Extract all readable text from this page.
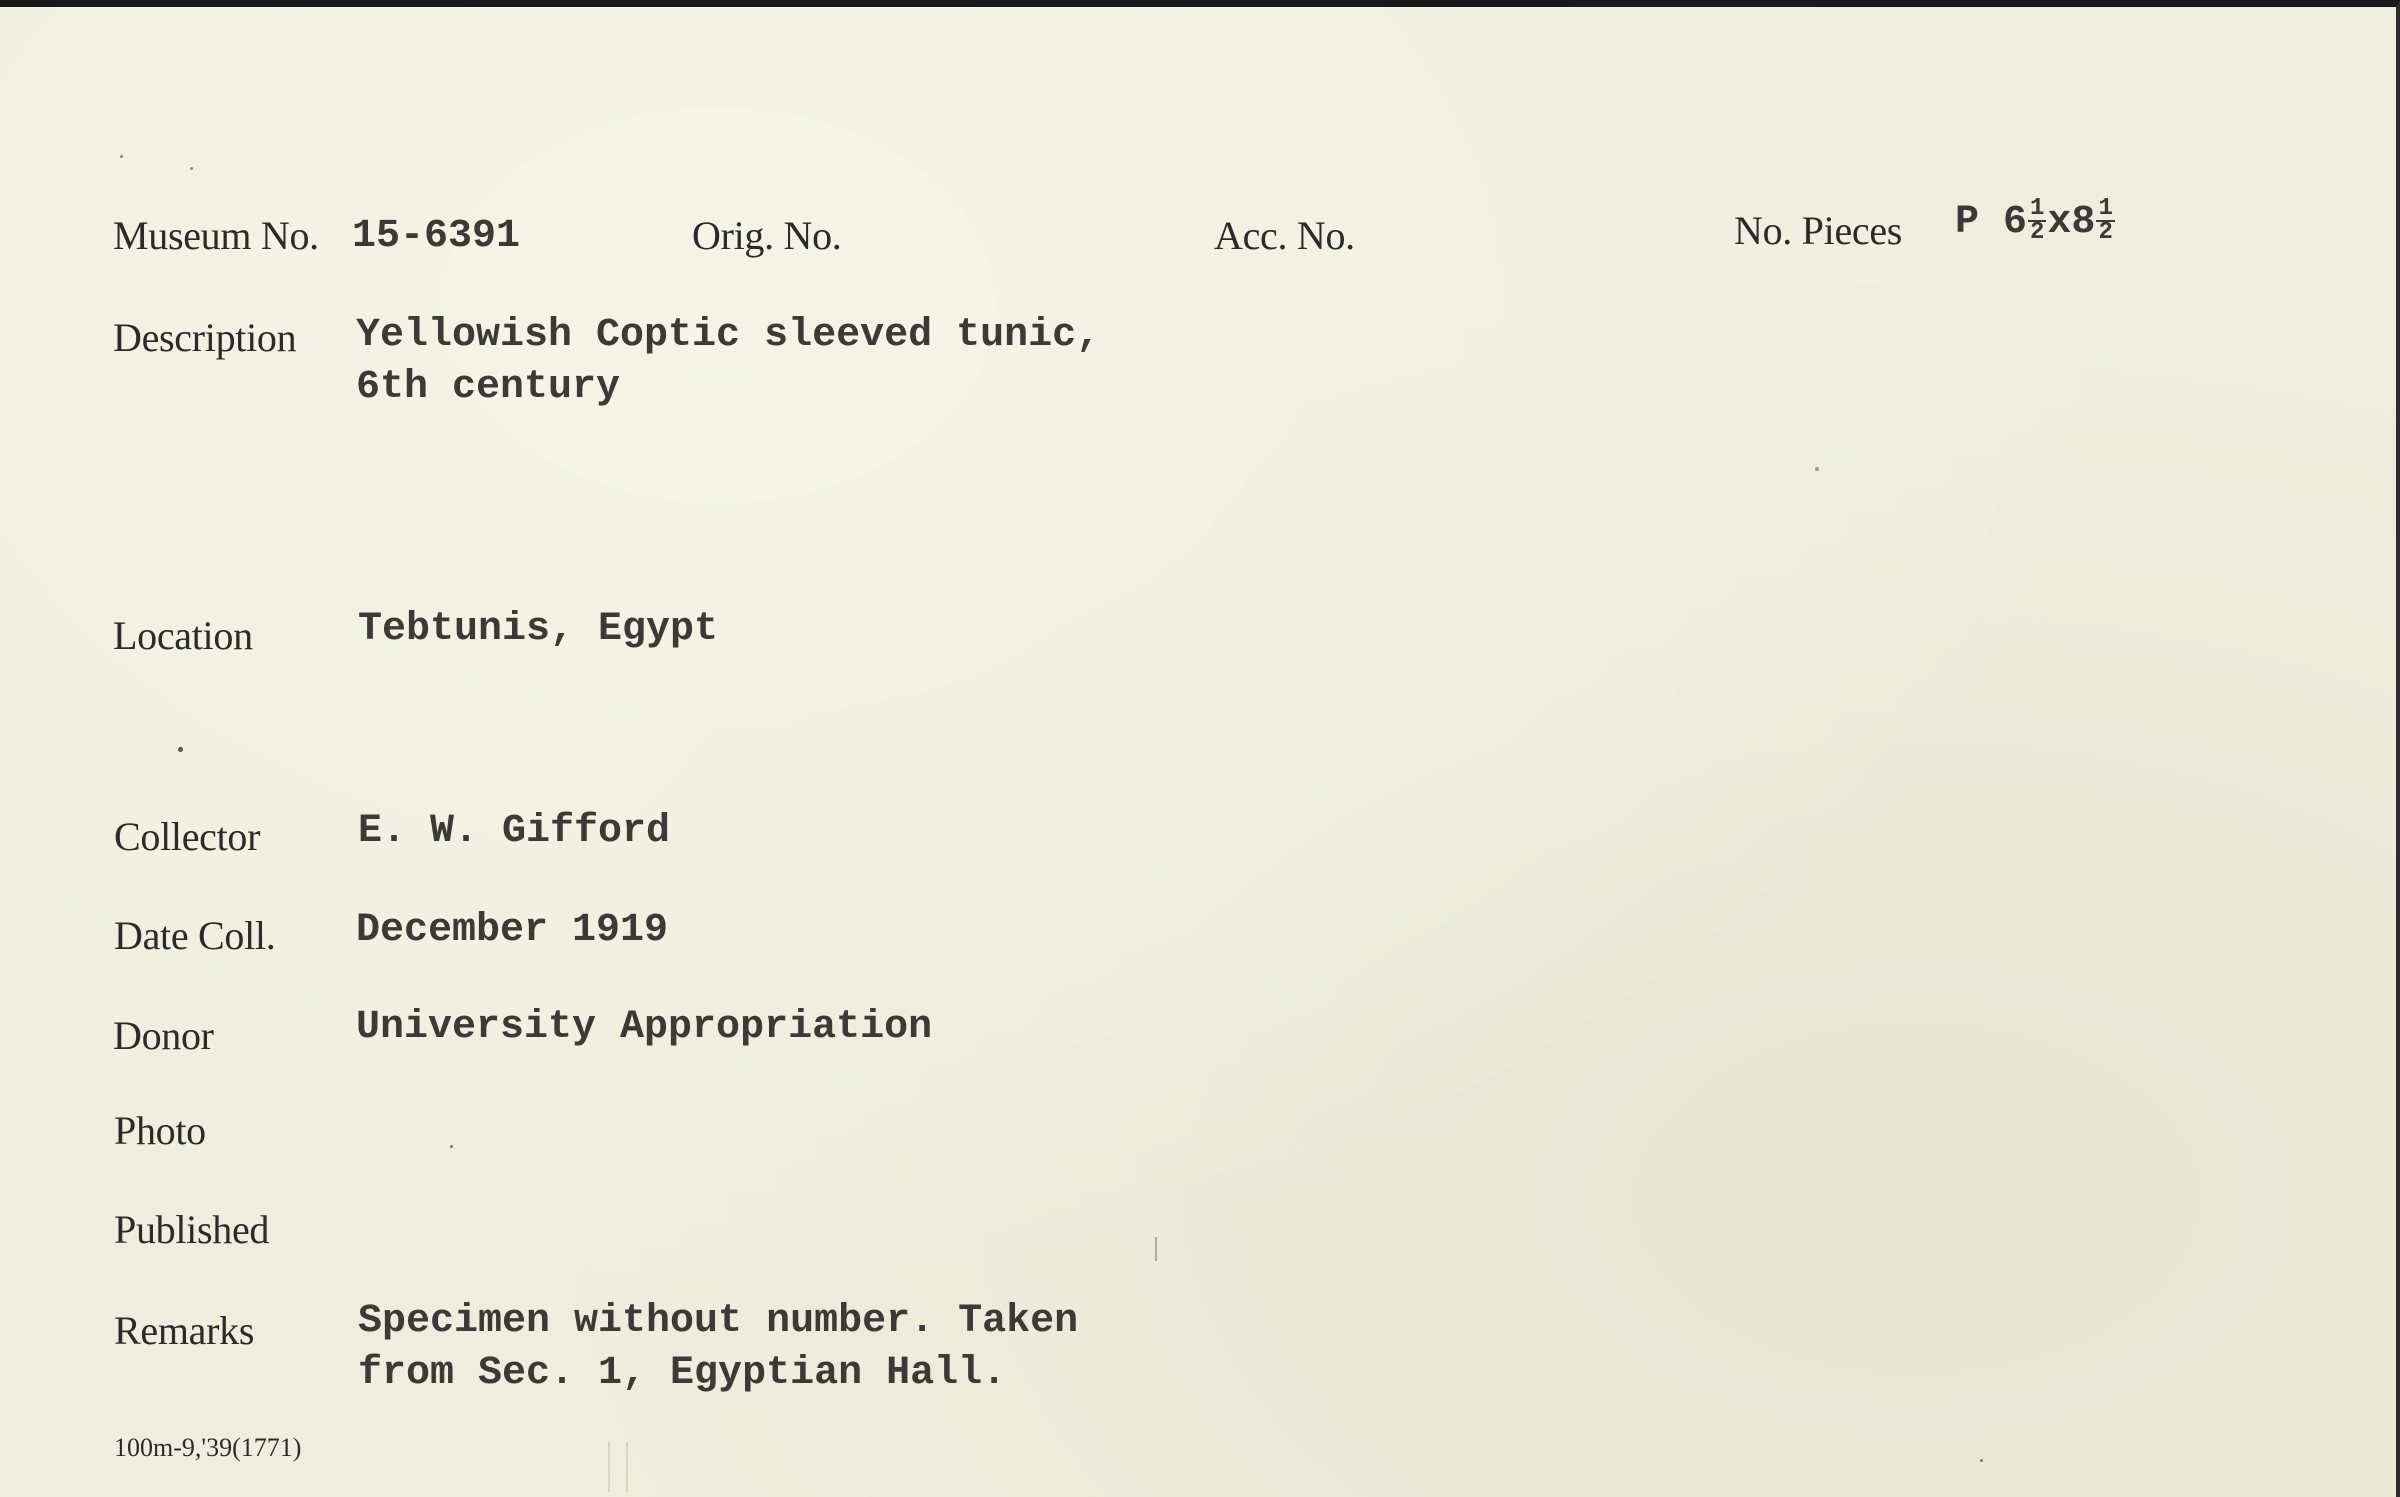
Museum No. 15-6391	Orig. No.	Acc. No.	No. Pieces P $6 \frac{1}{2} x8 \frac{1}{2}$
Description Yellowish Coptic sleeved tunic,
6th century
Location	Tebtunis, Egypt
Collector E. W. Gifford
Date Coll. December 1919
Donor	University Appropriation
Photo
Published
Remarks	Specimen without number. Taken
from Sec. 1, Egyptian Hall.
100m-9,'39(1771)
